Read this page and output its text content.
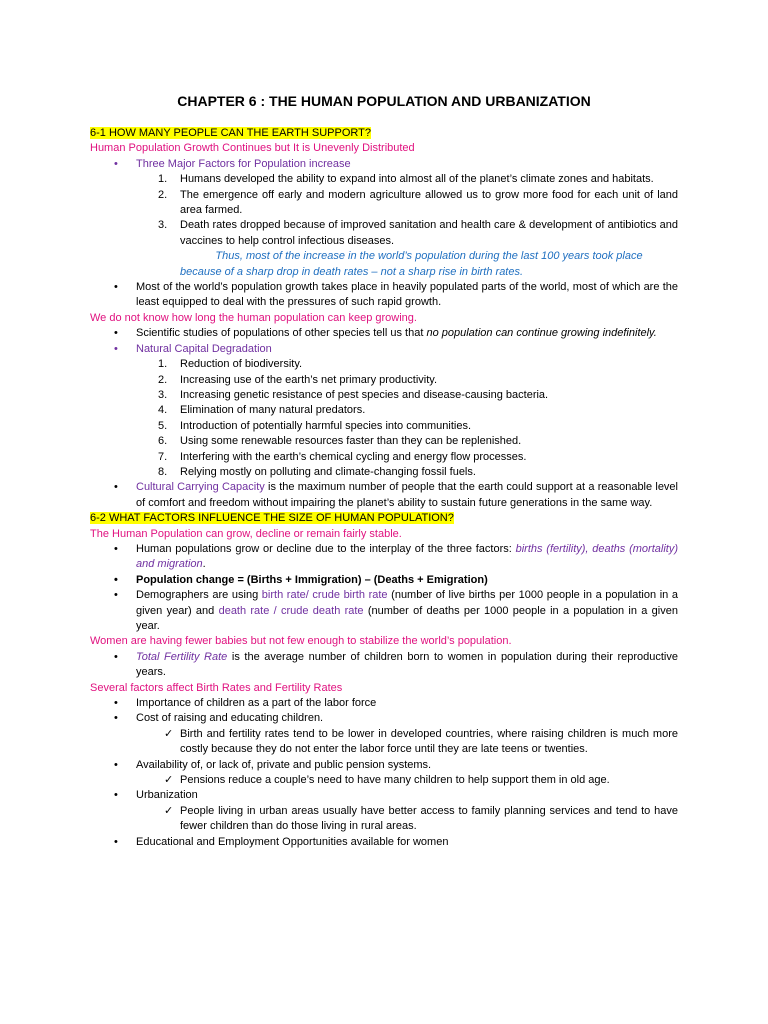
CHAPTER 6 : THE HUMAN POPULATION AND URBANIZATION

6-1 HOW MANY PEOPLE CAN THE EARTH SUPPORT?

Human Population Growth Continues but It is Unevenly Distributed

• Three Major Factors for Population increase

1. Humans developed the ability to expand into almost all of the planet’s climate zones and habitats.

2. The emergence off early and modern agriculture allowed us to grow more food for each unit of land area farmed.

3. Death rates dropped because of improved sanitation and health care & development of antibiotics and vaccines to help control infectious diseases.

Thus, most of the increase in the world’s population during the last 100 years took place
because of a sharp drop in death rates – not a sharp rise in birth rates.

• Most of the world’s population growth takes place in heavily populated parts of the world, most of which are the least equipped to deal with the pressures of such rapid growth.

We do not know how long the human population can keep growing.

• Scientific studies of populations of other species tell us that no population can continue growing indefinitely.

• Natural Capital Degradation

1. Reduction of biodiversity.

2. Increasing use of the earth’s net primary productivity.

3. Increasing genetic resistance of pest species and disease-causing bacteria.

4. Elimination of many natural predators.

5. Introduction of potentially harmful species into communities.

6. Using some renewable resources faster than they can be replenished.

7. Interfering with the earth’s chemical cycling and energy flow processes.

8. Relying mostly on polluting and climate-changing fossil fuels.

• Cultural Carrying Capacity is the maximum number of people that the earth could support at a reasonable level of comfort and freedom without impairing the planet’s ability to sustain future generations in the same way.

6-2 WHAT FACTORS INFLUENCE THE SIZE OF HUMAN POPULATION?

The Human Population can grow, decline or remain fairly stable.

• Human populations grow or decline due to the interplay of the three factors: births (fertility), deaths (mortality) and migration.

• Population change = (Births + Immigration) – (Deaths + Emigration)

• Demographers are using birth rate/ crude birth rate (number of live births per 1000 people in a population in a given year) and death rate / crude death rate (number of deaths per 1000 people in a population in a given year.

Women are having fewer babies but not few enough to stabilize the world’s population.

• Total Fertility Rate is the average number of children born to women in population during their reproductive years.

Several factors affect Birth Rates and Fertility Rates

• Importance of children as a part of the labor force

• Cost of raising and educating children.

✓ Birth and fertility rates tend to be lower in developed countries, where raising children is much more costly because they do not enter the labor force until they are late teens or twenties.

• Availability of, or lack of, private and public pension systems.

✓ Pensions reduce a couple’s need to have many children to help support them in old age.

• Urbanization

✓ People living in urban areas usually have better access to family planning services and tend to have fewer children than do those living in rural areas.

• Educational and Employment Opportunities available for women
